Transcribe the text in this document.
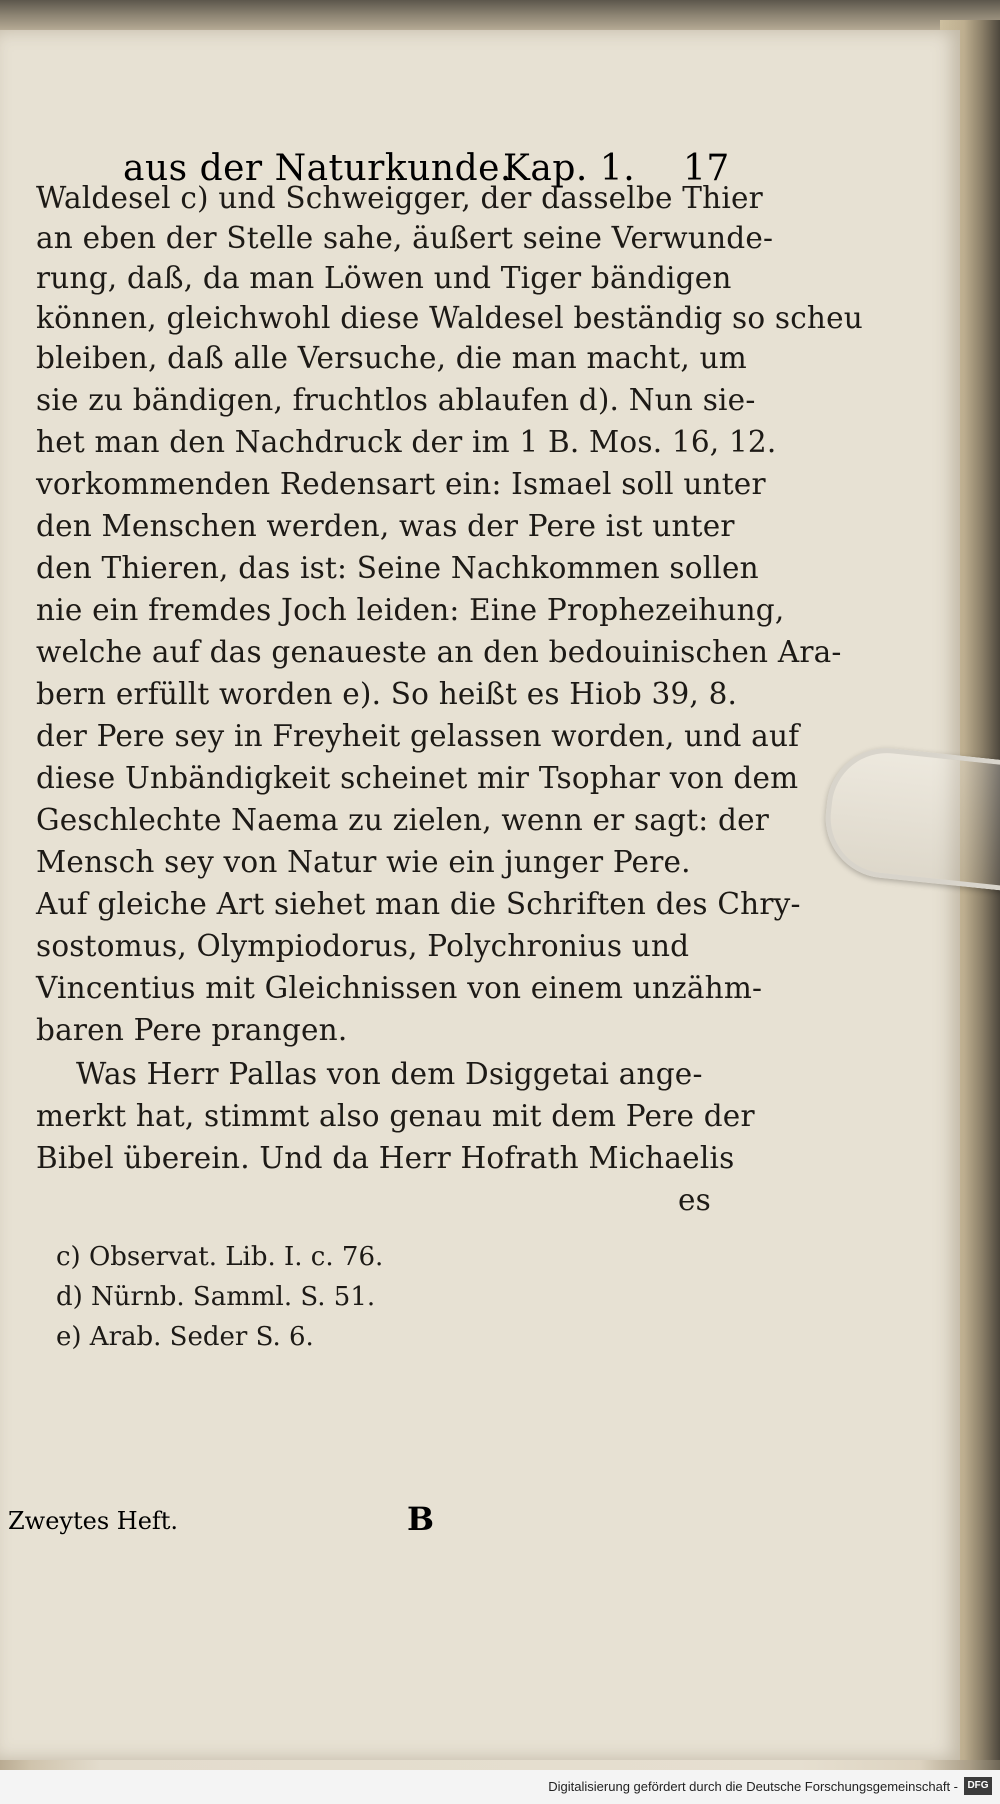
aus der Naturkunde.
Kap. 1. 17
Waldesel c) und Schweigger, der dasselbe Thier
an eben der Stelle sahe, äußert seine Verwunde-
rung, daß, da man Löwen und Tiger bändigen
können, gleichwohl diese Waldesel beständig so scheu
bleiben, daß alle Versuche, die man macht, um
sie zu bändigen, fruchtlos ablaufen d). Nun sie-
het man den Nachdruck der im 1 B. Mos. 16, 12.
vorkommenden Redensart ein: Ismael soll unter
den Menschen werden, was der Pere ist unter
den Thieren, das ist: Seine Nachkommen sollen
nie ein fremdes Joch leiden: Eine Prophezeihung,
welche auf das genaueste an den bedouinischen Ara-
bern erfüllt worden e). So heißt es Hiob 39, 8.
der Pere sey in Freyheit gelassen worden, und auf
diese Unbändigkeit scheinet mir Tsophar von dem
Geschlechte Naema zu zielen, wenn er sagt: der
Mensch sey von Natur wie ein junger Pere.
Auf gleiche Art siehet man die Schriften des Chry-
sostomus, Olympiodorus, Polychronius und
Vincentius mit Gleichnissen von einem unzähm-
baren Pere prangen.
Was Herr Pallas von dem Dsiggetai ange-
merkt hat, stimmt also genau mit dem Pere der
Bibel überein. Und da Herr Hofrath Michaelis
es
c) Observat. Lib. I. c. 76.
d) Nürnb. Samml. S. 51.
e) Arab. Seder S. 6.
Zweytes Heft.	B
Digitalisierung gefördert durch die Deutsche Forschungsgemeinschaft - DFG
